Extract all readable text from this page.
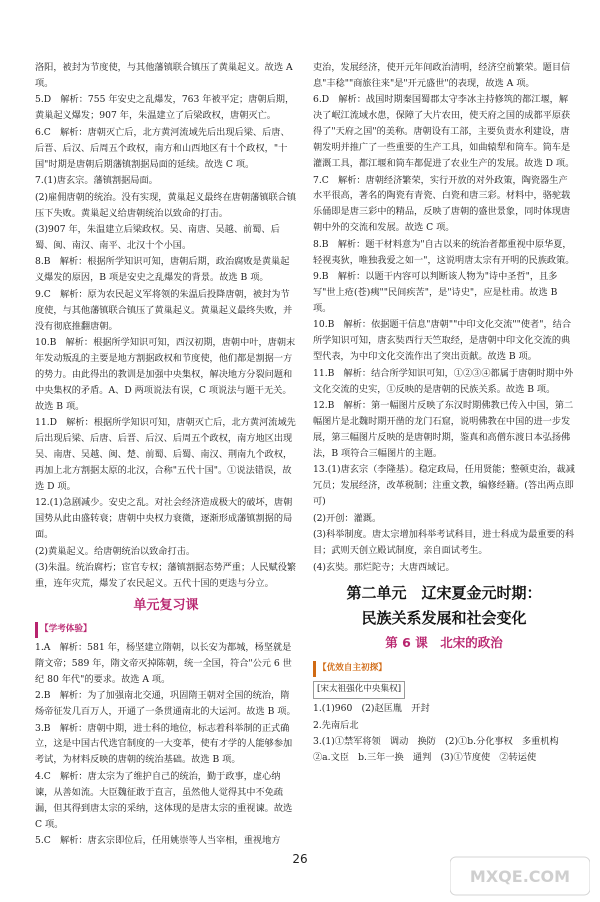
洛阳，被封为节度使，与其他藩镇联合镇压了黄巢起义。故选 A 项。
5.D　解析：755 年安史之乱爆发，763 年被平定；唐朝后期，黄巢起义爆发；907 年，朱温建立了后梁政权，唐朝灭亡。
6.C　解析：唐朝灭亡后，北方黄河流域先后出现后梁、后唐、后晋、后汉、后周五个政权，南方和山西地区有十个政权，"十国"时期是唐朝后期藩镇割据局面的延续。故选 C 项。
7.(1)唐玄宗。藩镇割据局面。
(2)雇佣唐朝的统治。没有实现，黄巢起义最终在唐朝藩镇联合镇压下失败。黄巢起义给唐朝统治以致命的打击。
(3)907 年，朱温建立后梁政权。吴、南唐、吴越、前蜀、后蜀、闽、南汉、南平、北汉十个小国。
8.B　解析：根据所学知识可知，唐朝后期，政治腐败是黄巢起义爆发的原因，B 项是安史之乱爆发的背景。故选 B 项。
9.C　解析：原为农民起义军将领的朱温后投降唐朝，被封为节度使，与其他藩镇联合镇压了黄巢起义。黄巢起义最终失败，并没有彻底推翻唐朝。
10.B　解析：根据所学知识可知，西汉初期，唐朝中叶，唐朝末年发动叛乱的主要是地方割据政权和节度使，他们都是割据一方的势力。由此得出的教训是加强中央集权，解决地方分裂问题和中央集权的矛盾。A、D 两项说法有误，C 项说法与题干无关。故选 B 项。
11.D　解析：根据所学知识可知，唐朝灭亡后，北方黄河流域先后出现后梁、后唐、后晋、后汉、后周五个政权，南方地区出现吴、南唐、吴越、闽、楚、前蜀、后蜀、南汉、荆南九个政权，再加上北方割据太原的北汉，合称"五代十国"。①说法错误，故选 D 项。
12.(1)急剧减少。安史之乱。对社会经济造成极大的破坏，唐朝国势从此由盛转衰；唐朝中央权力衰微，逐渐形成藩镇割据的局面。
(2)黄巢起义。给唐朝统治以致命打击。
(3)朱温。统治腐朽；宦官专权；藩镇割据态势严重；人民赋役繁重，连年灾荒，爆发了农民起义。五代十国的更迭与分立。
单元复习课
【学考体验】
1.A　解析：581 年，杨坚建立隋朝，以长安为都城，杨坚就是隋文帝；589 年，隋文帝灭掉陈朝，统一全国，符合"公元 6 世纪 80 年代"的要求。故选 A 项。
2.B　解析：为了加强南北交通，巩固隋王朝对全国的统治，隋炀帝征发几百万人，开通了一条贯通南北的大运河。故选 B 项。
3.B　解析：唐朝中期，进士科的地位，标志着科举制的正式确立，这是中国古代选官制度的一大变革，使有才学的人能够参加考试，为材料反映的唐朝的统治基础。故选 B 项。
4.C　解析：唐太宗为了维护自己的统治，勤于政事，虚心纳谏，从善如流。大臣魏征敢于直言，虽然他人觉得其中不免疏漏，但其得到唐太宗的采纳，这体现的是唐太宗的重视谏。故选 C 项。
5.C　解析：唐玄宗即位后，任用姚崇等人当宰相，重视地方
吏治，发展经济，使开元年间政治清明，经济空前繁荣。题目信息"丰稔""商旅往来"是"开元盛世"的表现，故选 A 项。
6.D　解析：战国时期秦国蜀郡太守李冰主持修筑的都江堰，解决了岷江流域水患，保障了大片农田，使天府之国的成都平原获得了"天府之国"的美称。唐朝设有工部，主要负责水利建设，唐朝发明并推广了一些重要的生产工具，如曲辕犁和筒车。筒车是灌溉工具，都江堰和筒车都促进了农业生产的发展。故选 D 项。
7.C　解析：唐朝经济繁荣，实行开放的对外政策，陶瓷器生产水平很高，著名的陶瓷有青瓷、白瓷和唐三彩。材料中，骆驼载乐俑即是唐三彩中的精品，反映了唐朝的盛世景象，同时体现唐朝中外的交流和发展。故选 C 项。
8.B　解析：题干材料意为"自古以来的统治者都重视中原华夏，轻视夷狄，唯独我爱之如一"，这说明唐太宗有开明的民族政策。
9.B　解析：以题干内容可以判断该人物为"诗中圣哲"，且多写"世上疮(苍)痍""民间疾苦"，是"诗史"，应是杜甫。故选 B 项。
10.B　解析：依据题干信息"唐朝""中印文化交流""使者"，结合所学知识可知，唐玄奘西行天竺取经，是唐朝中印文化交流的典型代表，为中印文化交流作出了突出贡献。故选 B 项。
11.B　解析：结合所学知识可知，①②③④都属于唐朝时期中外文化交流的史实，①反映的是唐朝的民族关系。故选 B 项。
12.B　解析：第一幅图片反映了东汉时期佛教已传入中国，第二幅图片是北魏时期开凿的龙门石窟，说明佛教在中国的进一步发展，第三幅图片反映的是唐朝时期，鉴真和高僧东渡日本弘扬佛法，B 项符合三幅图片的主题。
13.(1)唐玄宗（李隆基）。稳定政局，任用贤能；整顿吏治，裁减冗员；发展经济，改革税制；注重文教，编修经籍。(答出两点即可)
(2)开创：灌溉。
(3)科举制度。唐太宗增加科举考试科目，进士科成为最重要的科目；武则天创立殿试制度，亲自面试考生。
(4)玄奘。那烂陀寺；大唐西域记。
第二单元　辽宋夏金元时期：
民族关系发展和社会变化
第 6 课　北宋的政治
【优效自主初探】
[宋太祖强化中央集权]
1.(1)960　(2)赵匡胤　开封
2.先南后北
3.(1)①禁军将领　调动　换防　(2)①b.分化事权　多重机构　②a.文臣　b.三年一换　通判　(3)①节度使　②转运使
26
MXQE.COM
